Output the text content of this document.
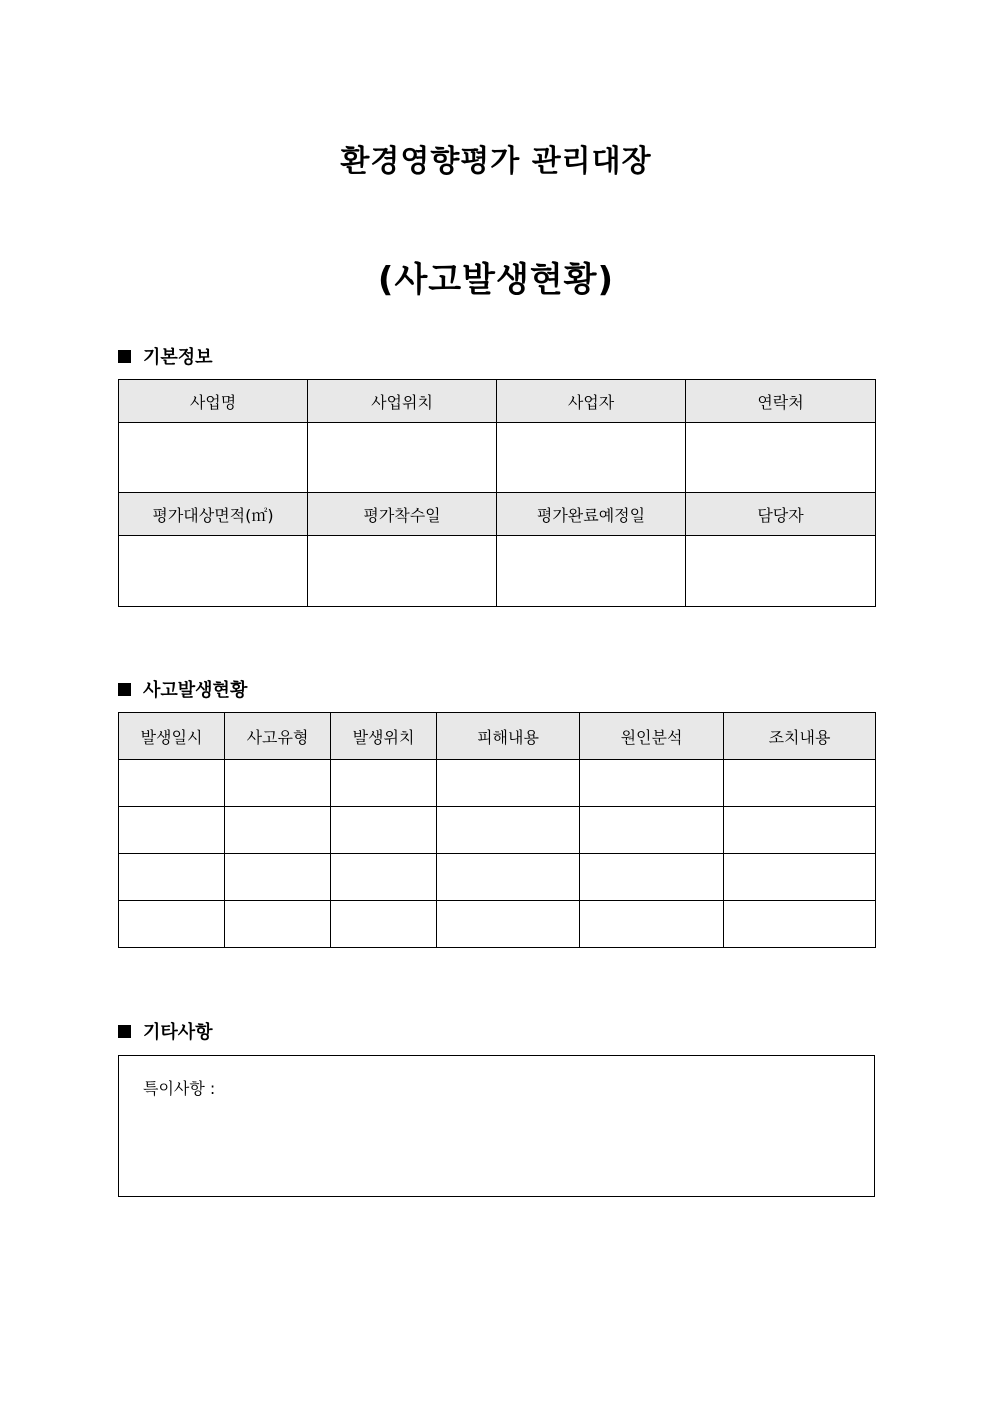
환경영향평가 관리대장
(사고발생현황)
기본정보
사업명	사업위치	사업자	연락처

평가대상면적(㎡)	평가착수일	평가완료예정일	담당자

사고발생현황
발생일시	사고유형	발생위치	피해내용	원인분석	조치내용

기타사항
특이사항 :
